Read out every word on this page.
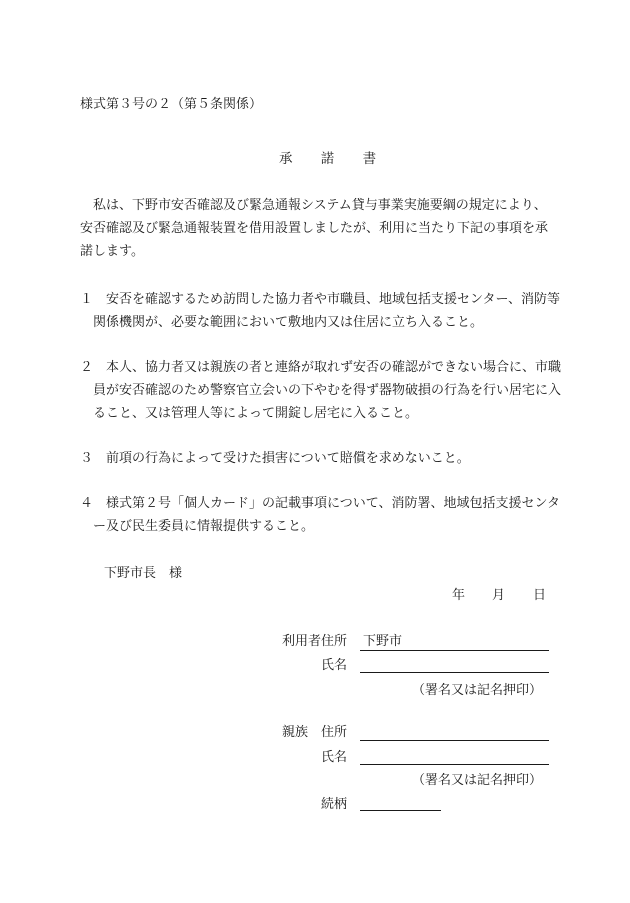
様式第３号の２（第５条関係）
承 諾 書
私は、下野市安否確認及び緊急通報システム貸与事業実施要綱の規定により、安否確認及び緊急通報装置を借用設置しましたが、利用に当たり下記の事項を承諾します。
１ 安否を確認するため訪問した協力者や市職員、地域包括支援センター、消防等関係機関が、必要な範囲において敷地内又は住居に立ち入ること。
２ 本人、協力者又は親族の者と連絡が取れず安否の確認ができない場合に、市職員が安否確認のため警察官立会いの下やむを得ず器物破損の行為を行い居宅に入ること、又は管理人等によって開錠し居宅に入ること。
３ 前項の行為によって受けた損害について賠償を求めないこと。
４ 様式第２号「個人カード」の記載事項について、消防署、地域包括支援センター及び民生委員に情報提供すること。
下野市長　様
年 月 日
利用者住所 下野市
氏名
（署名又は記名押印）
親族 住所
氏名
（署名又は記名押印）
続柄
